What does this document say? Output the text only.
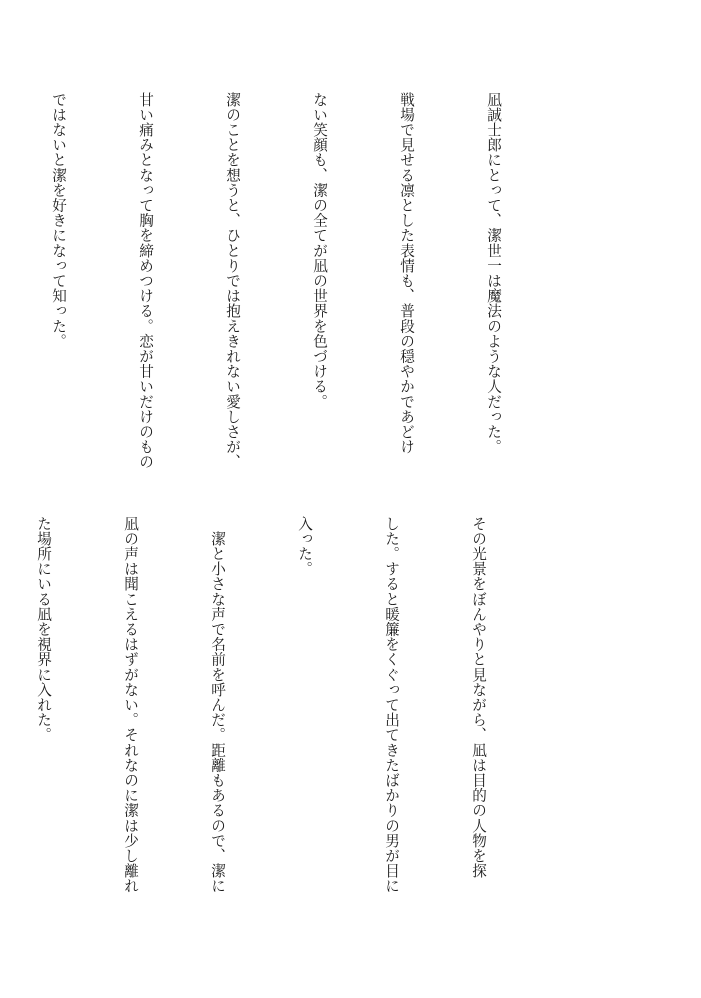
凪誠士郎にとって、潔世一は魔法のような人だった。

戦場で見せる凛とした表情も、普段の穏やかであどけ

ない笑顔も、潔の全てが凪の世界を色づける。

潔のことを想うと、ひとりでは抱えきれない愛しさが、

甘い痛みとなって胸を締めつける。恋が甘いだけのもの

ではないと潔を好きになって知った。

その光景をぼんやりと見ながら、凪は目的の人物を探

した。すると暖簾をくぐって出てきたばかりの男が目に

入った。

　潔と小さな声で名前を呼んだ。距離もあるので、潔に

凪の声は聞こえるはずがない。それなのに潔は少し離れ

た場所にいる凪を視界に入れた。
